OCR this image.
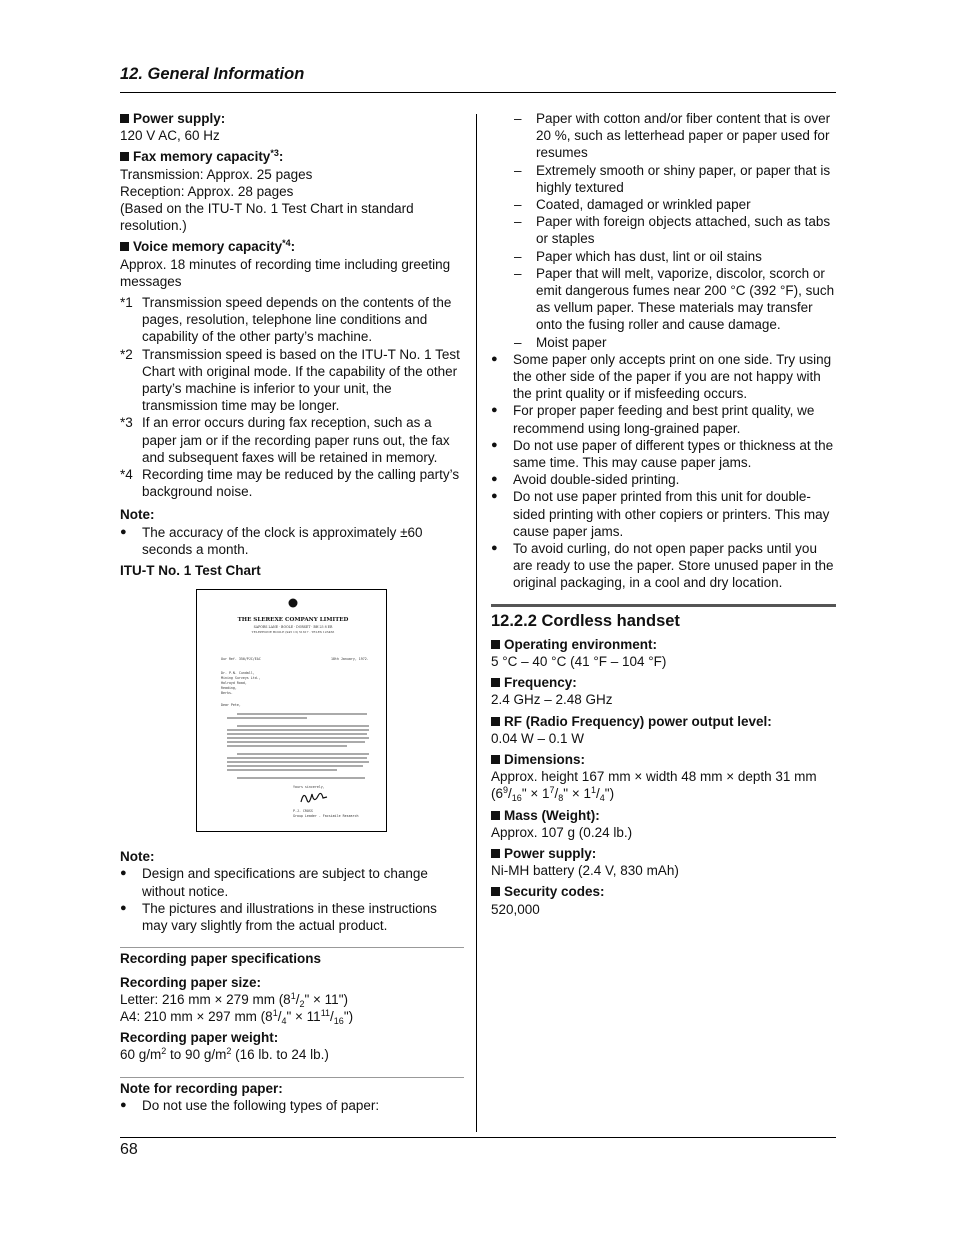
12. General Information
Power supply:
120 V AC, 60 Hz
Fax memory capacity$^{*3}$:
Transmission: Approx. 25 pages
Reception: Approx. 28 pages
(Based on the ITU-T No. 1 Test Chart in standard resolution.)
Voice memory capacity$^{*4}$:
Approx. 18 minutes of recording time including greeting messages
*1 Transmission speed depends on the contents of the pages, resolution, telephone line conditions and capability of the other party’s machine.
*2 Transmission speed is based on the ITU-T No. 1 Test Chart with original mode. If the capability of the other party’s machine is inferior to your unit, the transmission time may be longer.
*3 If an error occurs during fax reception, such as a paper jam or if the recording paper runs out, the fax and subsequent faxes will be retained in memory.
*4 Recording time may be reduced by the calling party’s background noise.
Note:
●	The accuracy of the clock is approximately ±60 seconds a month.
ITU-T No. 1 Test Chart
THE SLEREXE COMPANY LIMITED
SAPORS LANE · BOOLE · DORSET · BH 25 8 ER
TELEPHONE BOOLE (945 13) 51617 · TELEX 123456
Our Ref. 350/PJC/EAC	18th January, 1972.
Dr. P.N. Cundall,
Mining Surveys Ltd.,
Holroyd Road,
Reading,
Berks.
Dear Pete,
Yours sincerely,
P.J. CROSS
Group Leader - Facsimile Research
Note:
●	Design and specifications are subject to change without notice.
●	The pictures and illustrations in these instructions may vary slightly from the actual product.
Recording paper specifications
Recording paper size:
Letter: 216 mm × 279 mm ($8^1/_2$" × 11")
A4: 210 mm × 297 mm ($8^1/_4$" × $11^{11}/_{16}$")
Recording paper weight:
60 $g/m^2$ to 90 $g/m^2$ (16 lb. to 24 lb.)
Note for recording paper:
●	Do not use the following types of paper:
–	Paper with cotton and/or fiber content that is over 20 %, such as letterhead paper or paper used for resumes
–	Extremely smooth or shiny paper, or paper that is highly textured
–	Coated, damaged or wrinkled paper
–	Paper with foreign objects attached, such as tabs or staples
–	Paper which has dust, lint or oil stains
–	Paper that will melt, vaporize, discolor, scorch or emit dangerous fumes near 200 °C (392 °F), such as vellum paper. These materials may transfer onto the fusing roller and cause damage.
–	Moist paper
●	Some paper only accepts print on one side. Try using the other side of the paper if you are not happy with the print quality or if misfeeding occurs.
●	For proper paper feeding and best print quality, we recommend using long-grained paper.
●	Do not use paper of different types or thickness at the same time. This may cause paper jams.
●	Avoid double-sided printing.
●	Do not use paper printed from this unit for double-sided printing with other copiers or printers. This may cause paper jams.
●	To avoid curling, do not open paper packs until you are ready to use the paper. Store unused paper in the original packaging, in a cool and dry location.
12.2.2 Cordless handset
Operating environment:
5 °C – 40 °C (41 °F – 104 °F)
Frequency:
2.4 GHz – 2.48 GHz
RF (Radio Frequency) power output level:
0.04 W – 0.1 W
Dimensions:
Approx. height 167 mm × width 48 mm × depth 31 mm
($6^9/_{16}$" × $1^7/_8$" × $1^1/_4$")
Mass (Weight):
Approx. 107 g (0.24 lb.)
Power supply:
Ni-MH battery (2.4 V, 830 mAh)
Security codes:
520,000
68
